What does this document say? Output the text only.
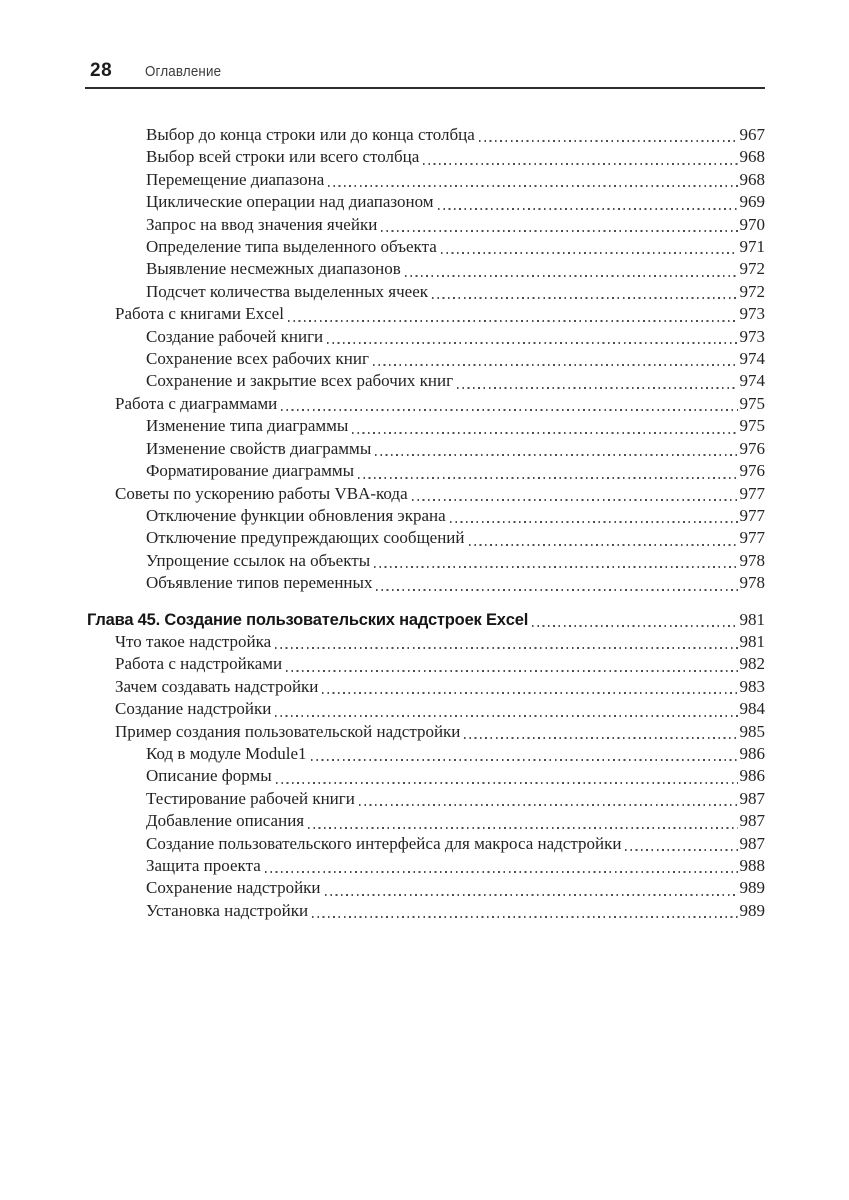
28 Оглавление
Выбор до конца строки или до конца столбца	967
Выбор всей строки или всего столбца	968
Перемещение диапазона	968
Циклические операции над диапазоном	969
Запрос на ввод значения ячейки	970
Определение типа выделенного объекта	971
Выявление несмежных диапазонов	972
Подсчет количества выделенных ячеек	972
Работа с книгами Excel	973
Создание рабочей книги	973
Сохранение всех рабочих книг	974
Сохранение и закрытие всех рабочих книг	974
Работа с диаграммами	975
Изменение типа диаграммы	975
Изменение свойств диаграммы	976
Форматирование диаграммы	976
Советы по ускорению работы VBA-кода	977
Отключение функции обновления экрана	977
Отключение предупреждающих сообщений	977
Упрощение ссылок на объекты	978
Объявление типов переменных	978
Глава 45. Создание пользовательских надстроек Excel	981
Что такое надстройка	981
Работа с надстройками	982
Зачем создавать надстройки	983
Создание надстройки	984
Пример создания пользовательской надстройки	985
Код в модуле Module1	986
Описание формы	986
Тестирование рабочей книги	987
Добавление описания	987
Создание пользовательского интерфейса для макроса надстройки	987
Защита проекта	988
Сохранение надстройки	989
Установка надстройки	989
